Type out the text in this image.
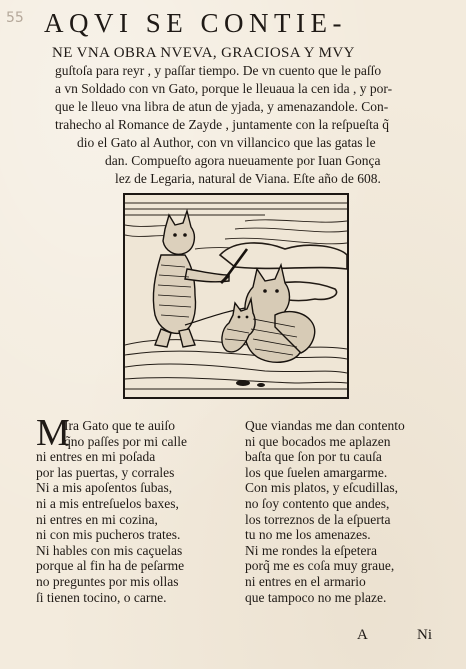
55 AQVI SE CONTIE-
NE VNA OBRA NVEVA, GRACIOSA Y MVY
guſtoſa para reyr , y paſſar tiempo. De vn cuento que le paſſo
a vn Soldado con vn Gato, porque le lleuaua la cen ida , y por-
que le lleuo vna libra de atun de yjada, y amenazandole. Con-
trahecho al Romance de Zayde , juntamente con la reſpueſta q̃
dio el Gato al Author, con vn villancico que las gatas le
dan. Compueſto agora nueuamente por Iuan Gonça
lez de Legaria, natural de Viana. Eſte año de 608.
M
Ira Gato que te auiſo
q̃no paſſes por mi calle
ni entres en mi poſada
por las puertas, y corrales
Ni a mis apoſentos ſubas,
ni a mis entreſuelos baxes,
ni entres en mi cozina,
ni con mis pucheros trates.
Ni hables con mis caçuelas
porque al fin ha de peſarme
no preguntes por mis ollas
ſi tienen tocino, o carne.
Que viandas me dan contento
ni que bocados me aplazen
baſta que ſon por tu cauſa
los que ſuelen amargarme.
Con mis platos, y eſcudillas,
no ſoy contento que andes,
los torreznos de la eſpuerta
tu no me los amenazes.
Ni me rondes la eſpetera
porq̃ me es coſa muy graue,
ni entres en el armario
que tampoco no me plaze.
A	Ni
